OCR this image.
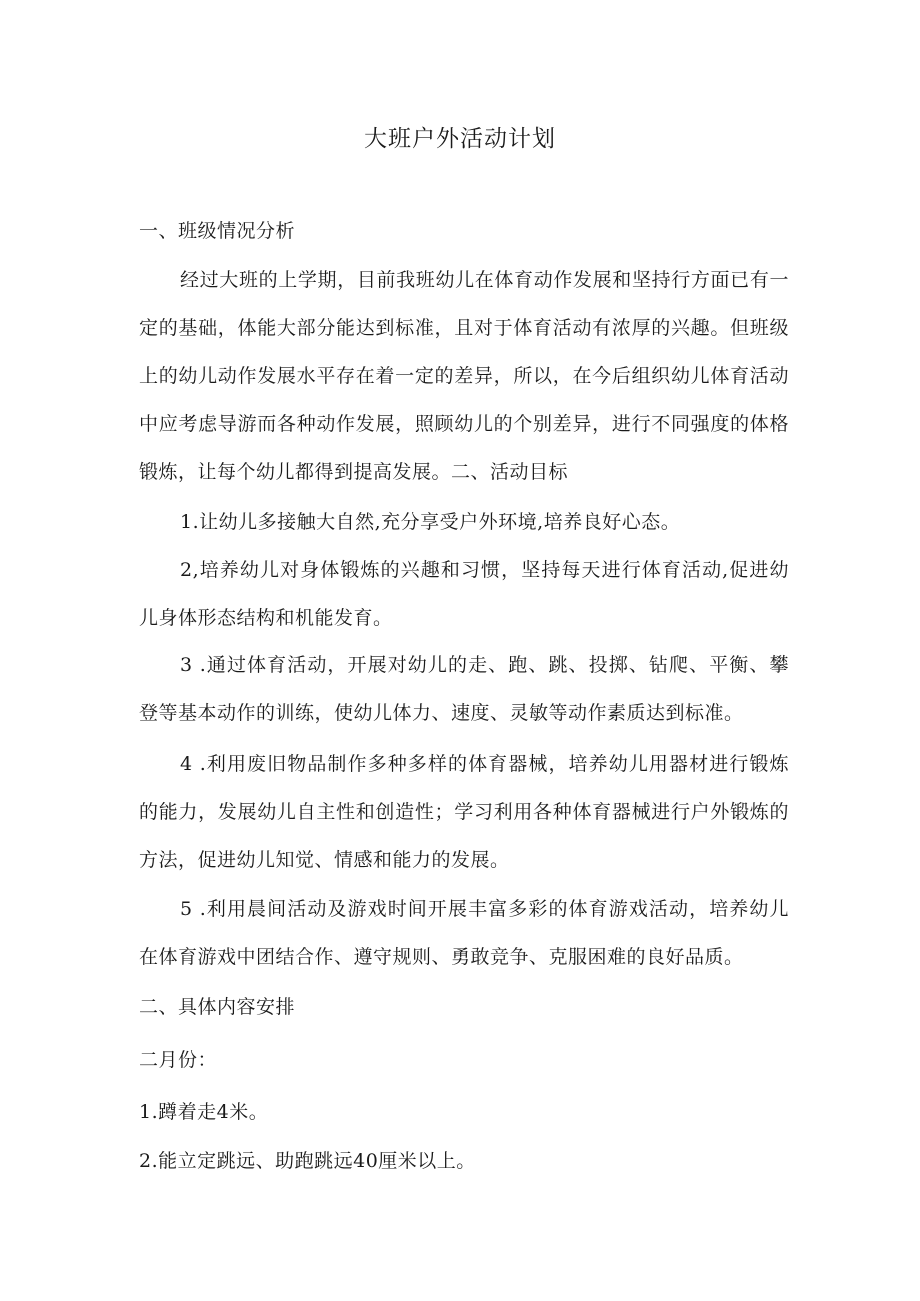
大班户外活动计划
一、班级情况分析

经过大班的上学期，目前我班幼儿在体育动作发展和坚持行方面已有一定的基础，体能大部分能达到标准，且对于体育活动有浓厚的兴趣。但班级上的幼儿动作发展水平存在着一定的差异，所以，在今后组织幼儿体育活动中应考虑导游而各种动作发展，照顾幼儿的个别差异，进行不同强度的体格锻炼，让每个幼儿都得到提高发展。二、活动目标

1.让幼儿多接触大自然,充分享受户外环境,培养良好心态。

2,培养幼儿对身体锻炼的兴趣和习惯，坚持每天进行体育活动,促进幼儿身体形态结构和机能发育。

3 .通过体育活动，开展对幼儿的走、跑、跳、投掷、钻爬、平衡、攀登等基本动作的训练，使幼儿体力、速度、灵敏等动作素质达到标准。

4 .利用废旧物品制作多种多样的体育器械，培养幼儿用器材进行锻炼的能力，发展幼儿自主性和创造性；学习利用各种体育器械进行户外锻炼的方法，促进幼儿知觉、情感和能力的发展。

5 .利用晨间活动及游戏时间开展丰富多彩的体育游戏活动，培养幼儿在体育游戏中团结合作、遵守规则、勇敢竞争、克服困难的良好品质。

二、具体内容安排
二月份：
1.蹲着走4米。
2.能立定跳远、助跑跳远40厘米以上。
